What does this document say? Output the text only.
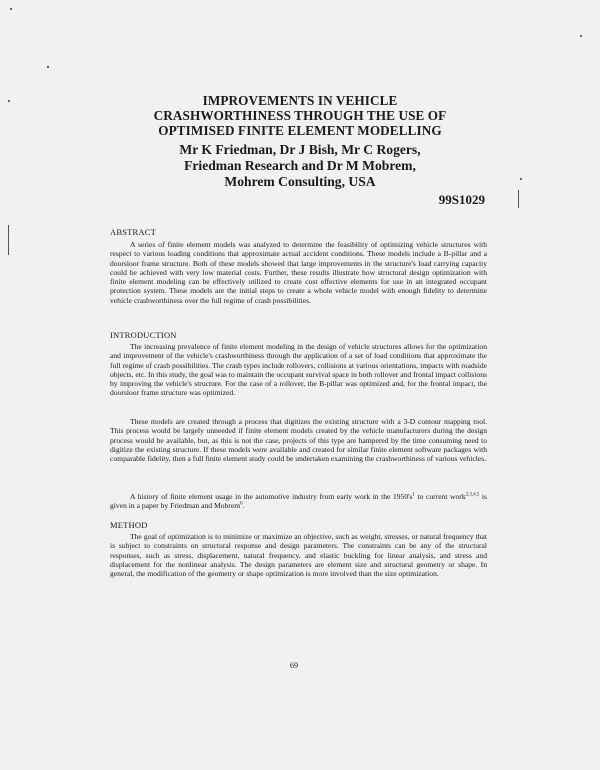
IMPROVEMENTS IN VEHICLE
CRASHWORTHINESS THROUGH THE USE OF
OPTIMISED FINITE ELEMENT MODELLING
Mr K Friedman, Dr J Bish, Mr C Rogers,
Friedman Research and Dr M Mobrem,
Mohrem Consulting, USA
99S1029
ABSTRACT

A series of finite element models was analyzed to determine the feasibility of optimizing vehicle structures with respect to various loading conditions that approximate actual accident conditions. These models include a B-pillar and a doorsloor frame structure. Both of these models showed that large improvements in the structure's load carrying capacity could be achieved with very low material costs. Further, these results illustrate how structural design optimization with finite element modeling can be effectively utilized to create cost effective elements for use in an integrated occupant protection system. These models are the initial steps to create a whole vehicle model with enough fidelity to determine vehicle crashworthiness over the full regime of crash possibilities.

INTRODUCTION

The increasing prevalence of finite element modeling in the design of vehicle structures allows for the optimization and improvement of the vehicle's crashworthiness through the application of a set of load conditions that approximate the full regime of crash possibilities. The crash types include rollovers, collisions at various orientations, impacts with roadside objects, etc. In this study, the goal was to maintain the occupant survival space in both rollover and frontal impact collisions by improving the vehicle's structure. For the case of a rollover, the B-pillar was optimized and, for the frontal impact, the doorsloor frame structure was optimized.

These models are created through a process that digitizes the existing structure with a 3-D contour mapping tool. This process would be largely unneeded if finite element models created by the vehicle manufacturers during the design process would be available, but, as this is not the case, projects of this type are hampered by the time consuming need to digitize the existing structure. If these models were available and created for similar finite element software packages with comparable fidelity, then a full finite element study could be undertaken examining the crashworthiness of various vehicles.

A history of finite element usage in the automotive industry from early work in the $1950's^1$ to current work$^{2,3,4,5}$ is given in a paper by Friedman and Mobrem$^6$.

METHOD

The goal of optimization is to minimize or maximize an objective, such as weight, stresses, or natural frequency that is subject to constraints on structural response and design parameters. The constraints can be any of the structural responses, such as stress, displacement, natural frequency, and elastic buckling for linear analysis, and stress and displacement for the nonlinear analysis. The design parameters are element size and structural geometry or shape. In general, the modification of the geometry or shape optimization is more involved than the size optimization.

69
